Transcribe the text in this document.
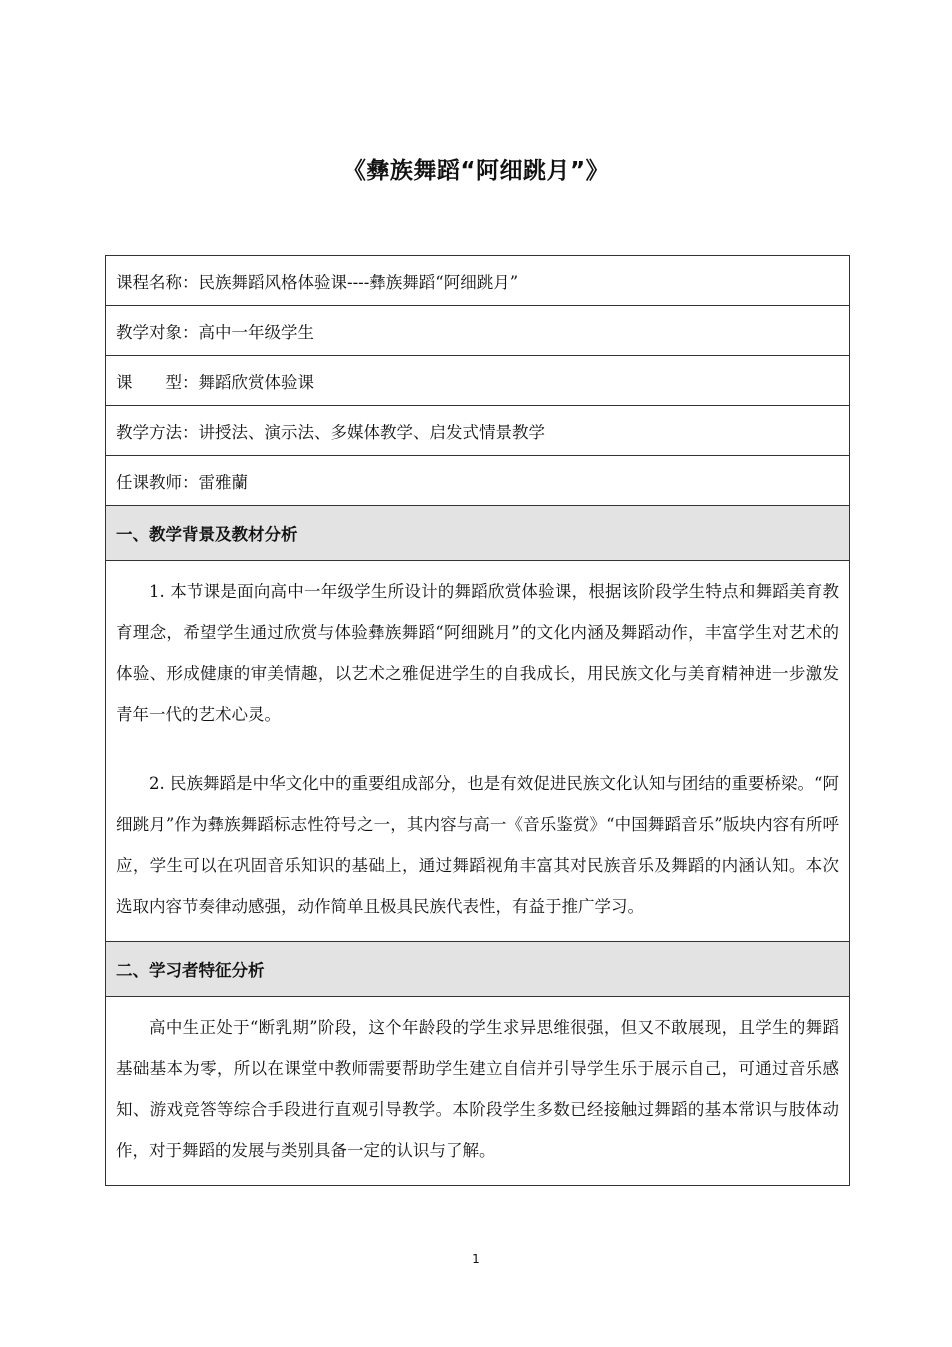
《彝族舞蹈“阿细跳月”》
课程名称：民族舞蹈风格体验课----彝族舞蹈“阿细跳月”
教学对象：高中一年级学生
课　　型：舞蹈欣赏体验课
教学方法：讲授法、演示法、多媒体教学、启发式情景教学
任课教师：雷雅蘭
一、教学背景及教材分析

1. 本节课是面向高中一年级学生所设计的舞蹈欣赏体验课，根据该阶段学生特点和舞蹈美育教育理念，希望学生通过欣赏与体验彝族舞蹈“阿细跳月”的文化内涵及舞蹈动作，丰富学生对艺术的体验、形成健康的审美情趣，以艺术之雅促进学生的自我成长，用民族文化与美育精神进一步激发青年一代的艺术心灵。

2. 民族舞蹈是中华文化中的重要组成部分，也是有效促进民族文化认知与团结的重要桥梁。“阿细跳月”作为彝族舞蹈标志性符号之一，其内容与高一《音乐鉴赏》“中国舞蹈音乐”版块内容有所呼应，学生可以在巩固音乐知识的基础上，通过舞蹈视角丰富其对民族音乐及舞蹈的内涵认知。本次选取内容节奏律动感强，动作简单且极具民族代表性，有益于推广学习。

二、学习者特征分析

高中生正处于“断乳期”阶段，这个年龄段的学生求异思维很强，但又不敢展现，且学生的舞蹈基础基本为零，所以在课堂中教师需要帮助学生建立自信并引导学生乐于展示自己，可通过音乐感知、游戏竞答等综合手段进行直观引导教学。本阶段学生多数已经接触过舞蹈的基本常识与肢体动作，对于舞蹈的发展与类别具备一定的认识与了解。

1
